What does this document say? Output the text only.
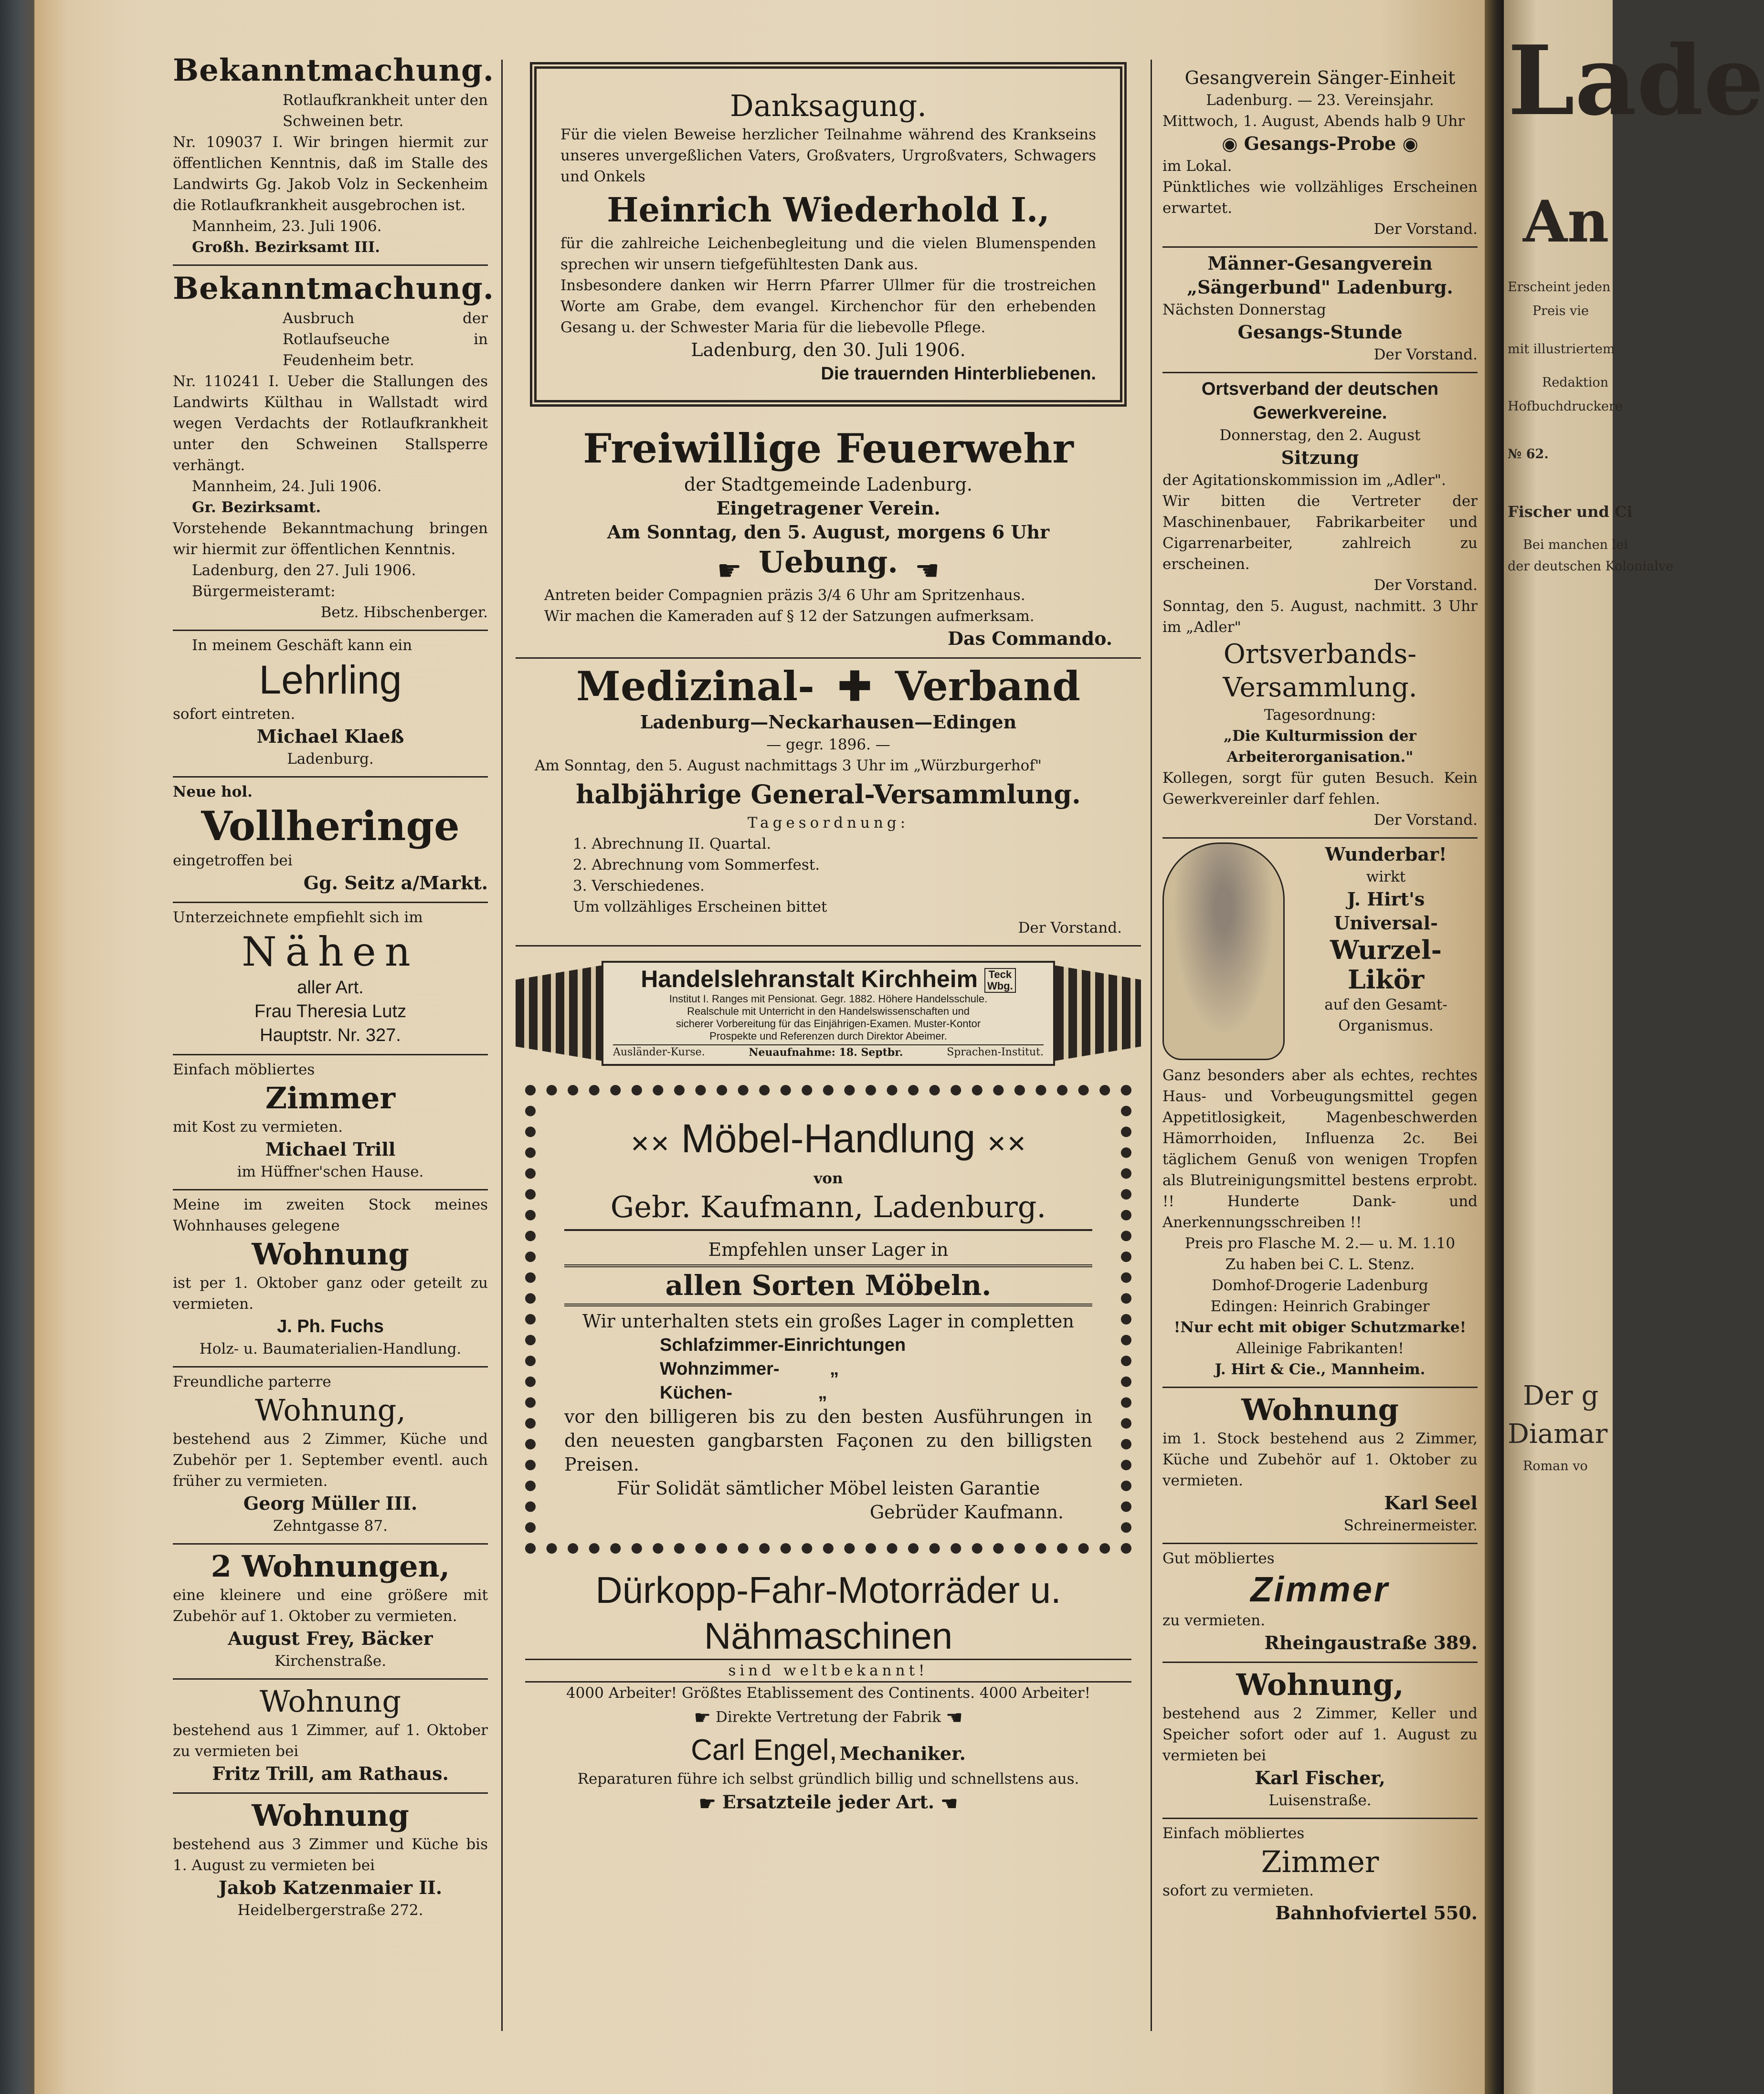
Bekanntmachung.
Rotlaufkrankheit unter den Schweinen betr.
Nr. 109037 I. Wir bringen hiermit zur öffentlichen Kenntnis, daß im Stalle des Landwirts Gg. Jakob Volz in Seckenheim die Rotlaufkrankheit ausgebrochen ist.
Mannheim, 23. Juli 1906.
Großh. Bezirksamt III.
Bekanntmachung.
Ausbruch der Rotlaufseuche in Feudenheim betr.
Nr. 110241 I. Ueber die Stallungen des Landwirts Külthau in Wallstadt wird wegen Verdachts der Rotlaufkrankheit unter den Schweinen Stallsperre verhängt.
Mannheim, 24. Juli 1906.
Gr. Bezirksamt.
Vorstehende Bekanntmachung bringen wir hiermit zur öffentlichen Kenntnis.
Ladenburg, den 27. Juli 1906.
Bürgermeisteramt:
Betz. Hibschenberger.
In meinem Geschäft kann ein
Lehrling
sofort eintreten.
Michael Klaeß
Ladenburg.
Neue hol.
Vollheringe
eingetroffen bei
Gg. Seitz a/Markt.
Unterzeichnete empfiehlt sich im
Nähen
aller Art.
Frau Theresia Lutz
Hauptstr. Nr. 327.
Einfach möbliertes
Zimmer
mit Kost zu vermieten.
Michael Trill
im Hüffner'schen Hause.
Meine im zweiten Stock meines Wohnhauses gelegene
Wohnung
ist per 1. Oktober ganz oder geteilt zu vermieten.
J. Ph. Fuchs
Holz- u. Baumaterialien-Handlung.
Freundliche parterre
Wohnung,
bestehend aus 2 Zimmer, Küche und Zubehör per 1. September eventl. auch früher zu vermieten.
Georg Müller III.
Zehntgasse 87.
2 Wohnungen,
eine kleinere und eine größere mit Zubehör auf 1. Oktober zu vermieten.
August Frey, Bäcker
Kirchenstraße.
Wohnung
bestehend aus 1 Zimmer, auf 1. Oktober zu vermieten bei
Fritz Trill, am Rathaus.
Wohnung
bestehend aus 3 Zimmer und Küche bis 1. August zu vermieten bei
Jakob Katzenmaier II.
Heidelbergerstraße 272.
Danksagung.
Für die vielen Beweise herzlicher Teilnahme während des Krankseins unseres unvergeßlichen Vaters, Großvaters, Urgroßvaters, Schwagers und Onkels
Heinrich Wiederhold I.,
für die zahlreiche Leichenbegleitung und die vielen Blumenspenden sprechen wir unsern tiefgefühltesten Dank aus.
Insbesondere danken wir Herrn Pfarrer Ullmer für die trostreichen Worte am Grabe, dem evangel. Kirchenchor für den erhebenden Gesang u. der Schwester Maria für die liebevolle Pflege.
Ladenburg, den 30. Juli 1906.
Die trauernden Hinterbliebenen.
Freiwillige Feuerwehr
der Stadtgemeinde Ladenburg.
Eingetragener Verein.
Am Sonntag, den 5. August, morgens 6 Uhr
☛ Uebung. ☚
Antreten beider Compagnien präzis 3/4 6 Uhr am Spritzenhaus.
Wir machen die Kameraden auf § 12 der Satzungen aufmerksam.
Das Commando.
Medizinal- ✚ Verband
Ladenburg—Neckarhausen—Edingen
— gegr. 1896. —
Am Sonntag, den 5. August nachmittags 3 Uhr im „Würzburgerhof"
halbjährige General-Versammlung.
Tagesordnung:
1. Abrechnung II. Quartal.
2. Abrechnung vom Sommerfest.
3. Verschiedenes.
Um vollzähliges Erscheinen bittet
Der Vorstand.
Handelslehranstalt Kirchheim Teck
Wbg.
Institut I. Ranges mit Pensionat. Gegr. 1882. Höhere Handelsschule.
Realschule mit Unterricht in den Handelswissenschaften und
sicherer Vorbereitung für das Einjährigen-Examen. Muster-Kontor
Prospekte und Referenzen durch Direktor Abeimer.
Ausländer-Kurse.	Neuaufnahme: 18. Septbr.	Sprachen-Institut.
✕✕ Möbel-Handlung ✕✕
von
Gebr. Kaufmann, Ladenburg.
Empfehlen unser Lager in
allen Sorten Möbeln.
Wir unterhalten stets ein großes Lager in completten
Schlafzimmer-Einrichtungen
Wohnzimmer-          „
Küchen-                 „
vor den billigeren bis zu den besten Ausführungen in den neuesten gangbarsten Façonen zu den billigsten Preisen.
Für Solidät sämtlicher Möbel leisten Garantie
Gebrüder Kaufmann.
Dürkopp-Fahr-Motorräder u. Nähmaschinen
sind weltbekannt!
4000 Arbeiter! Größtes Etablissement des Continents. 4000 Arbeiter!
☛ Direkte Vertretung der Fabrik ☚
Carl Engel, Mechaniker.
Reparaturen führe ich selbst gründlich billig und schnellstens aus.
☛ Ersatzteile jeder Art. ☚
Gesangverein Sänger-Einheit
Ladenburg. — 23. Vereinsjahr.
Mittwoch, 1. August, Abends halb 9 Uhr
◉ Gesangs-Probe ◉
im Lokal.
Pünktliches wie vollzähliges Erscheinen erwartet.
Der Vorstand.
Männer-Gesangverein „Sängerbund" Ladenburg.
Nächsten Donnerstag
Gesangs-Stunde
Der Vorstand.
Ortsverband der deutschen Gewerkvereine.
Donnerstag, den 2. August
Sitzung
der Agitationskommission im „Adler".
Wir bitten die Vertreter der Maschinenbauer, Fabrikarbeiter und Cigarrenarbeiter, zahlreich zu erscheinen.
Der Vorstand.
Sonntag, den 5. August, nachmitt. 3 Uhr im „Adler"
Ortsverbands-Versammlung.
Tagesordnung:
„Die Kulturmission der Arbeiterorganisation."
Kollegen, sorgt für guten Besuch. Kein Gewerkvereinler darf fehlen.
Der Vorstand.
Wunderbar!
wirkt
J. Hirt's
Universal-
Wurzel-Likör
auf den Gesamt-Organismus.
Ganz besonders aber als echtes, rechtes Haus- und Vorbeugungsmittel gegen Appetitlosigkeit, Magenbeschwerden Hämorrhoiden, Influenza 2c. Bei täglichem Genuß von wenigen Tropfen als Blutreinigungsmittel bestens erprobt. !! Hunderte Dank- und Anerkennungsschreiben !!
Preis pro Flasche M. 2.— u. M. 1.10
Zu haben bei C. L. Stenz.
Domhof-Drogerie Ladenburg
Edingen: Heinrich Grabinger
!Nur echt mit obiger Schutzmarke!
Alleinige Fabrikanten!
J. Hirt & Cie., Mannheim.
Wohnung
im 1. Stock bestehend aus 2 Zimmer, Küche und Zubehör auf 1. Oktober zu vermieten.
Karl Seel
Schreinermeister.
Gut möbliertes
Zimmer
zu vermieten.
Rheingaustraße 389.
Wohnung,
bestehend aus 2 Zimmer, Keller und Speicher sofort oder auf 1. August zu vermieten bei
Karl Fischer,
Luisenstraße.
Einfach möbliertes
Zimmer
sofort zu vermieten.
Bahnhofviertel 550.
Lade
An
Erscheint jeden
Preis vie
mit illustriertem
Redaktion
Hofbuchdruckere
№ 62.
Fischer und Ci
Bei manchen lei
der deutschen Kolonialve
Der g
Diamar
Roman vo
